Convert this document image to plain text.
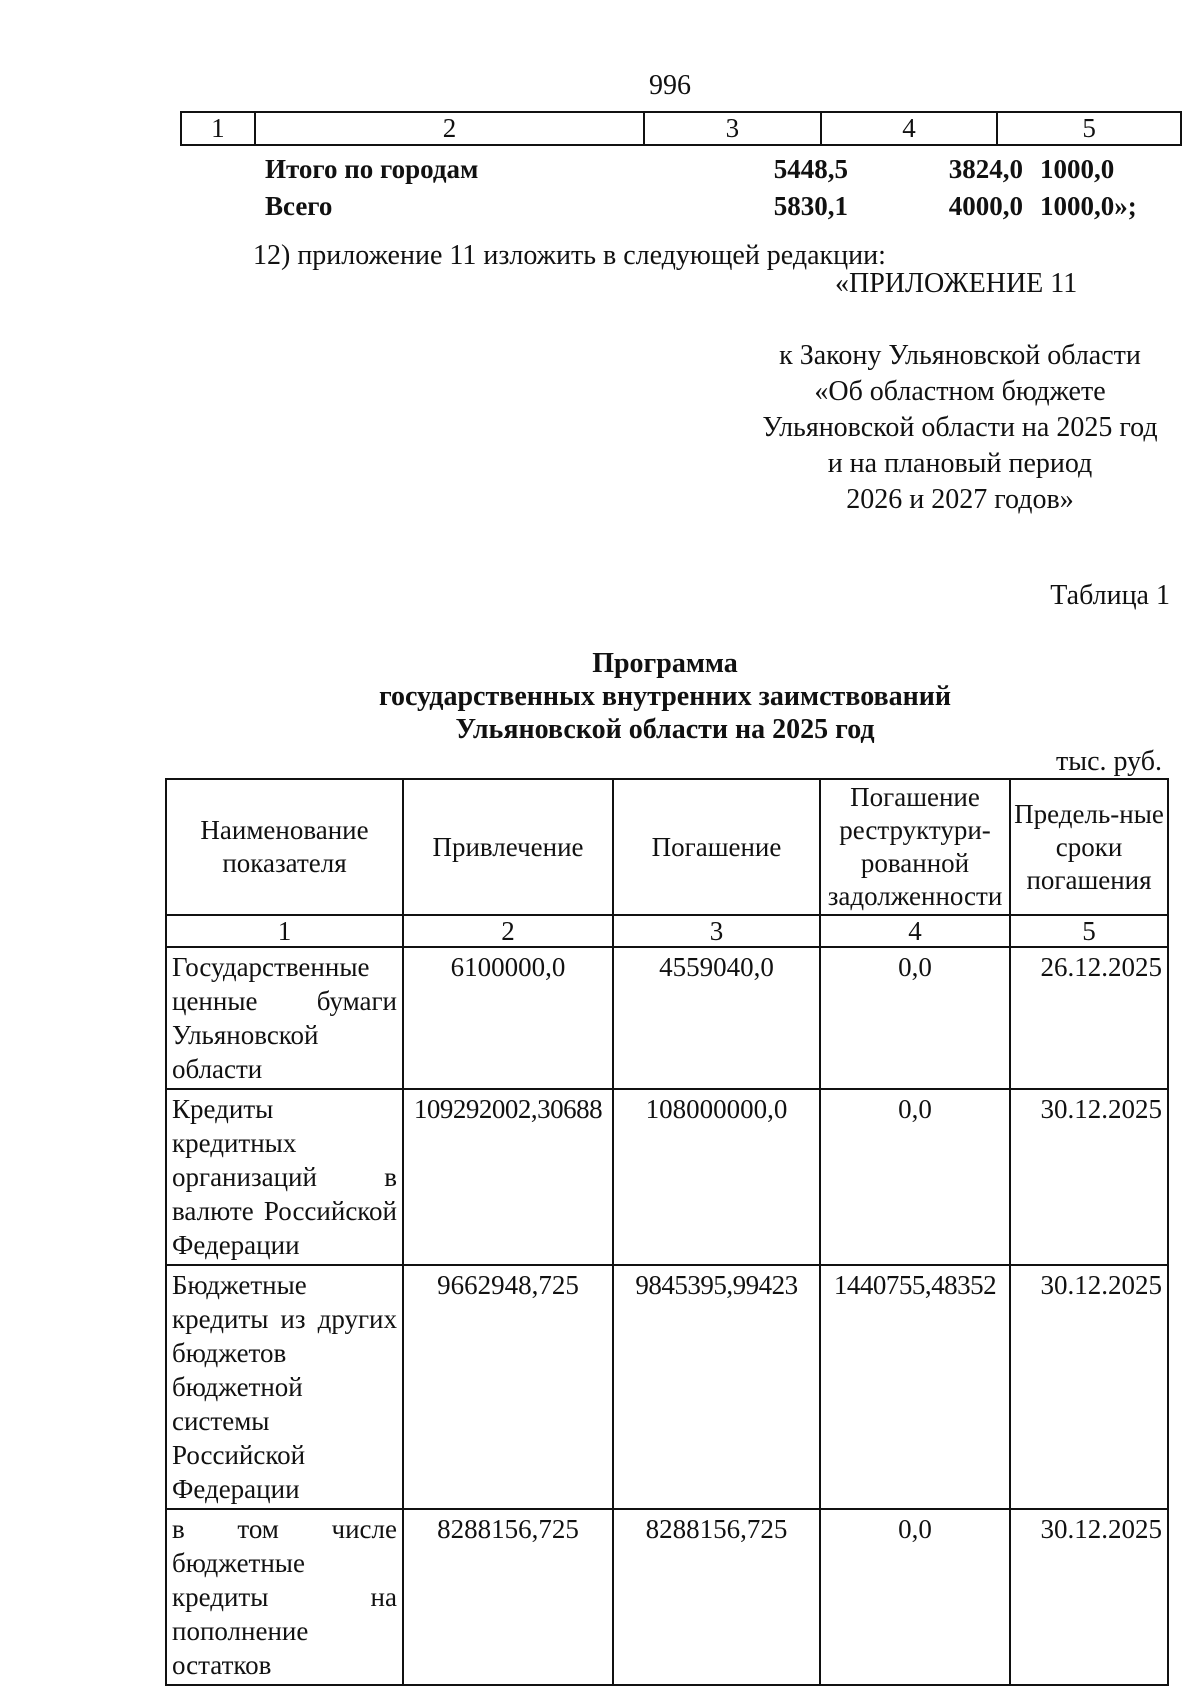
996
1	2	3	4	5
Итого по городам	5448,5	3824,0 1000,0
Всего	5830,1	4000,0 1000,0»;
12) приложение 11 изложить в следующей редакции:
«ПРИЛОЖЕНИЕ 11
к Закону Ульяновской области
«Об областном бюджете
Ульяновской области на 2025 год
и на плановый период
2026 и 2027 годов»
Таблица 1
Программа
государственных внутренних заимствований
Ульяновской области на 2025 год
тыс. руб.
Наименование показателя	Привлечение	Погашение	Погашение реструктури-рованной задолженности	Предель-ные сроки погашения
1	2	3	4	5
Государственные ценные бумаги Ульяновской области	6100000,0	4559040,0	0,0	26.12.2025
Кредиты кредитных организаций в валюте Российской Федерации	109292002,30688	108000000,0	0,0	30.12.2025
Бюджетные кредиты из других бюджетов бюджетной системы Российской Федерации	9662948,725	9845395,99423	1440755,48352	30.12.2025
в том числе бюджетные кредиты на пополнение остатков	8288156,725	8288156,725	0,0	30.12.2025
